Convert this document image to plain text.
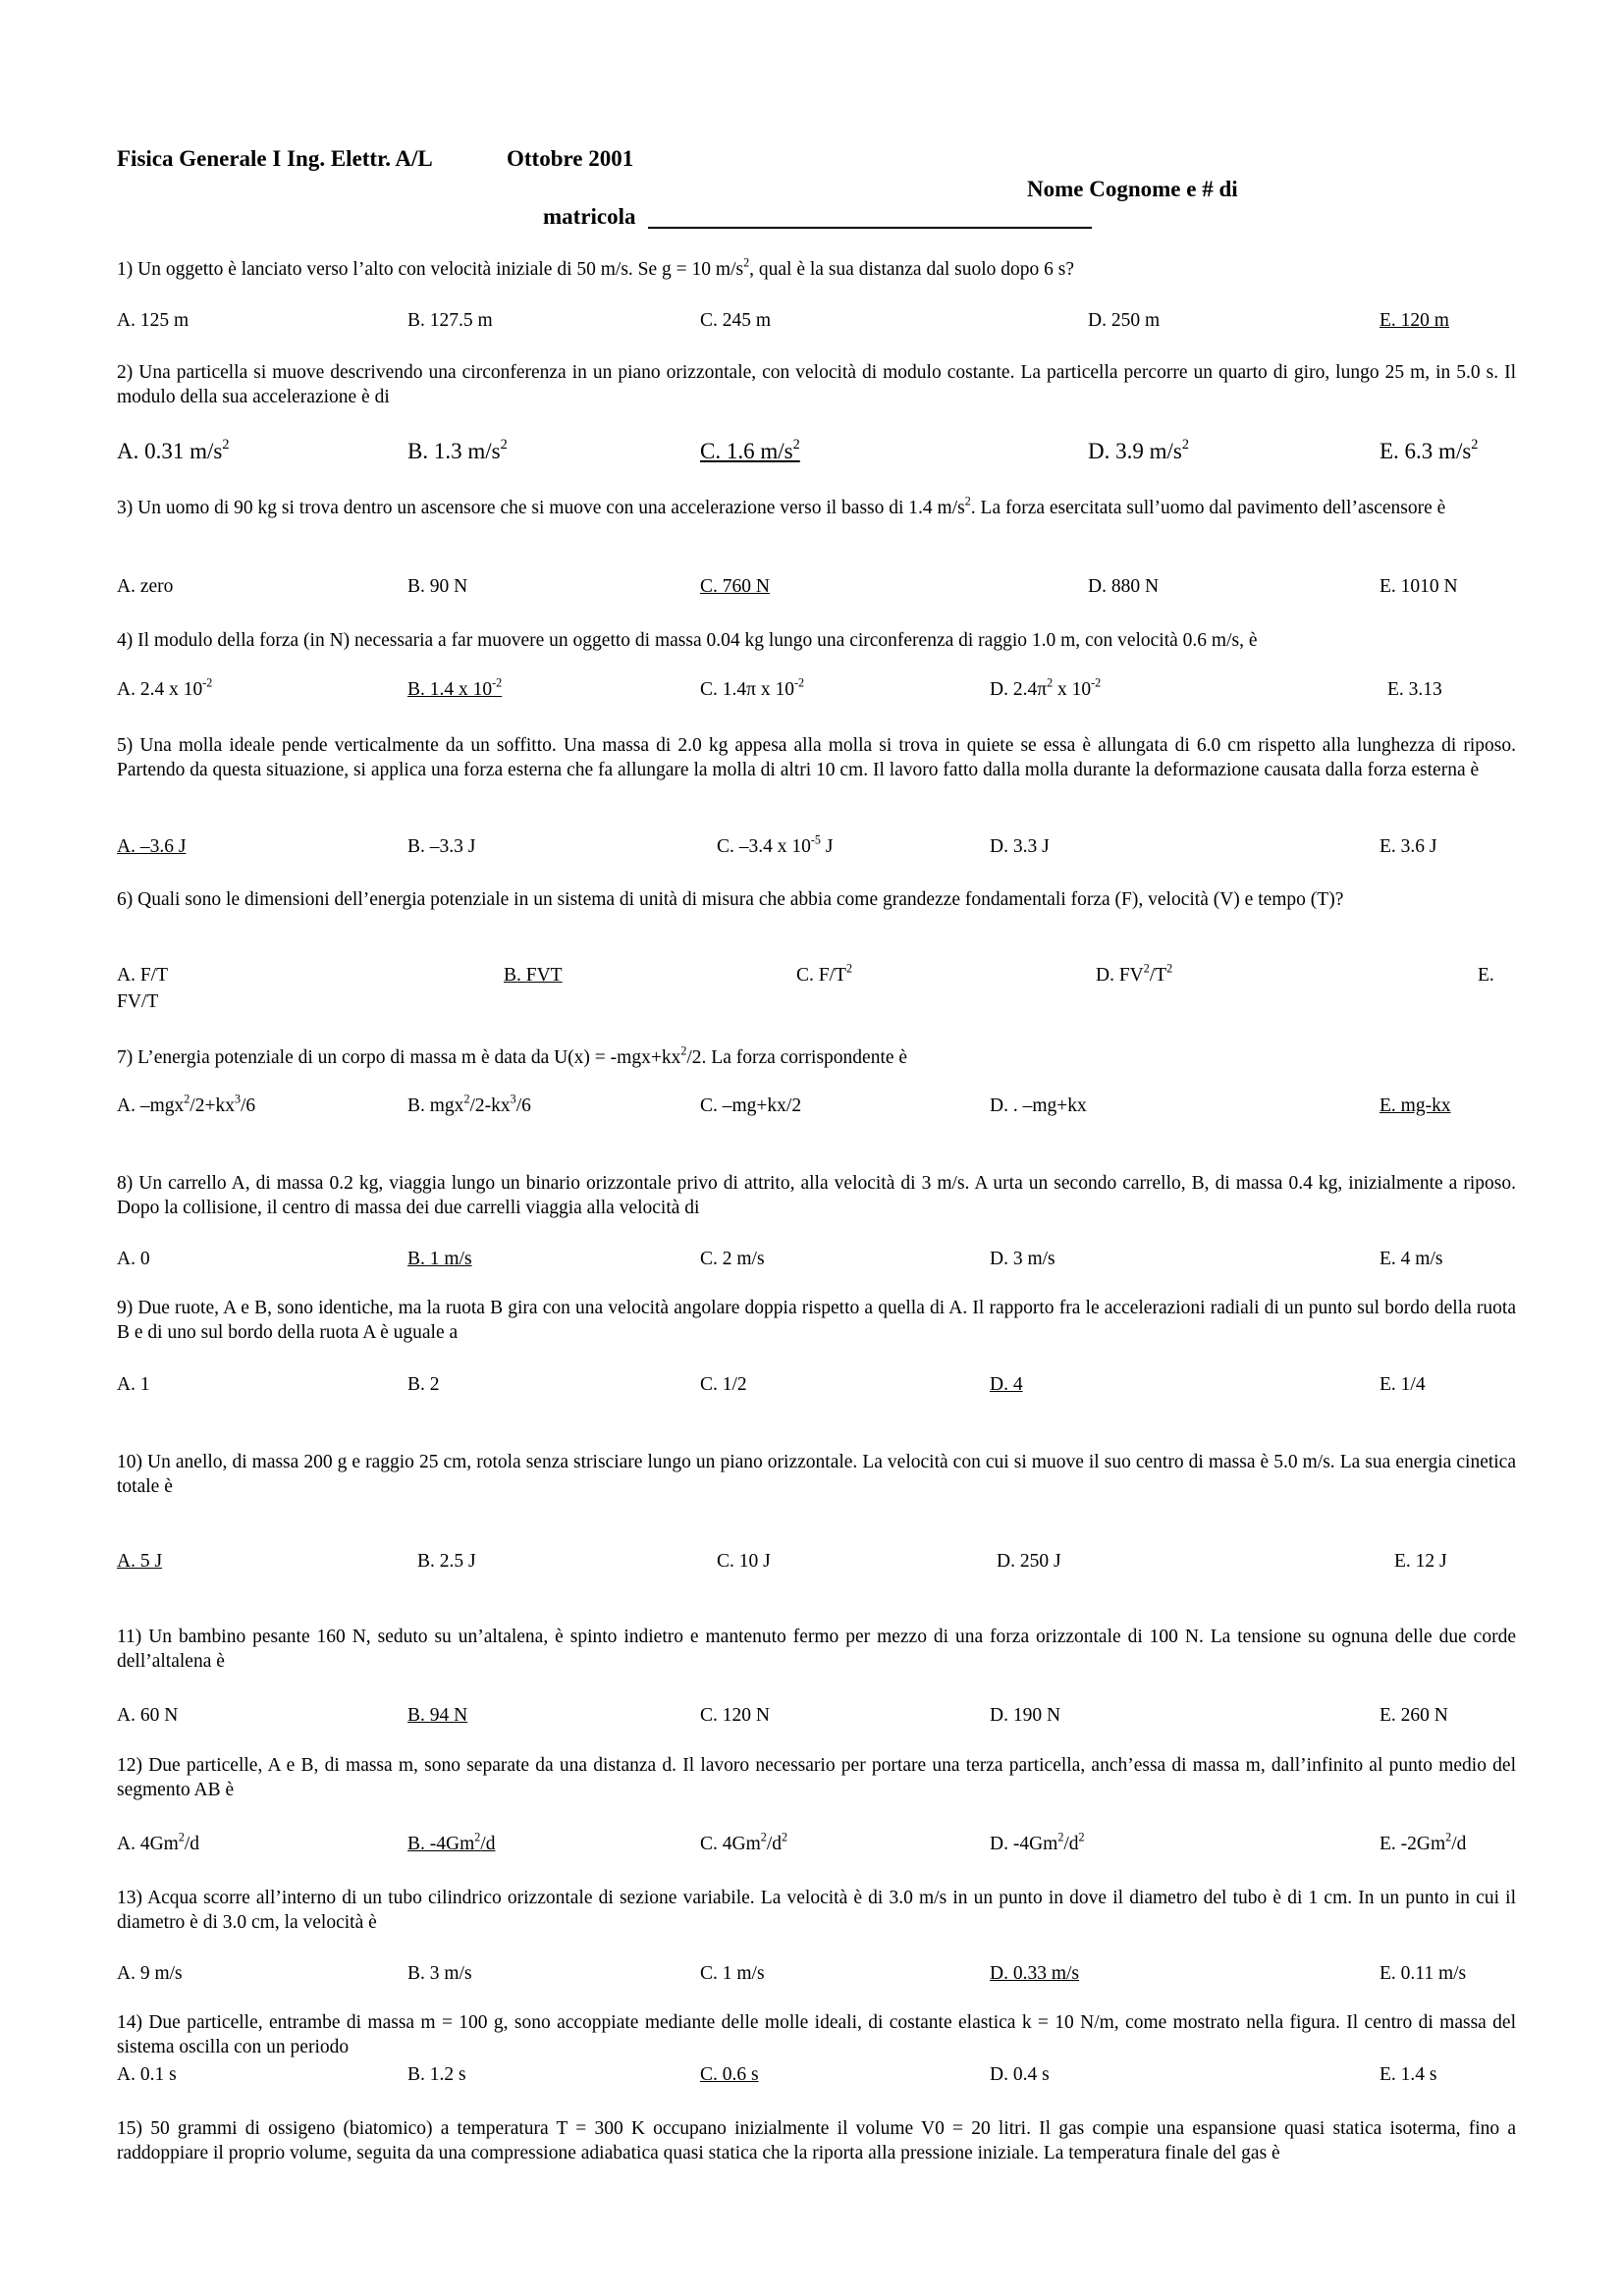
Fisica Generale I Ing. Elettr. A/L	Ottobre 2001
Nome Cognome e # di
matricola
1) Un oggetto è lanciato verso l’alto con velocità iniziale di 50 m/s. Se g = 10 $m/s^2$, qual è la sua distanza dal suolo dopo 6 s?
A. 125 m	B. 127.5 m	C. 245 m	D. 250 m	E. 120 m
2) Una particella si muove descrivendo una circonferenza in un piano orizzontale, con velocità di modulo costante. La particella percorre un quarto di giro, lungo 25 m, in 5.0 s. Il modulo della sua accelerazione è di
A. 0.31 $m/s^2$	B. 1.3 $m/s^2$	C. 1.6 $m/s^2$	D. 3.9 $m/s^2$	E. 6.3 $m/s^2$
3) Un uomo di 90 kg si trova dentro un ascensore che si muove con una accelerazione verso il basso di 1.4 $m/s^2$. La forza esercitata sull’uomo dal pavimento dell’ascensore è
A. zero	B. 90 N	C. 760 N	D. 880 N	E. 1010 N
4) Il modulo della forza (in N) necessaria a far muovere un oggetto di massa 0.04 kg lungo una circonferenza di raggio 1.0 m, con velocità 0.6 m/s, è
A. 2.4 x $10^{-2}$	B. 1.4 x $10^{-2}$	C. 1.4π x $10^{-2}$	D. $2.4\pi^2$ x $10^{-2}$	E. 3.13
5) Una molla ideale pende verticalmente da un soffitto. Una massa di 2.0 kg appesa alla molla si trova in quiete se essa è allungata di 6.0 cm rispetto alla lunghezza di riposo. Partendo da questa situazione, si applica una forza esterna che fa allungare la molla di altri 10 cm. Il lavoro fatto dalla molla durante la deformazione causata dalla forza esterna è
A. –3.6 J	B. –3.3 J	C. –3.4 x $10^{-5}$ J	D. 3.3 J	E. 3.6 J
6) Quali sono le dimensioni dell’energia potenziale in un sistema di unità di misura che abbia come grandezze fondamentali forza (F), velocità (V) e tempo (T)?
A. F/T	B. FVT	C. $F/T^2$	D. $FV^2/T^2$	E.
FV/T
7) L’energia potenziale di un corpo di massa m è data da $U(x) = -mgx+kx^2/2$. La forza corrispondente è
A. $-mgx^2/2+kx^3/6$	B. $mgx^2/2-kx^3/6$	C. –mg+kx/2	D. . –mg+kx	E. mg-kx
8) Un carrello A, di massa 0.2 kg, viaggia lungo un binario orizzontale privo di attrito, alla velocità di 3 m/s. A urta un secondo carrello, B, di massa 0.4 kg, inizialmente a riposo. Dopo la collisione, il centro di massa dei due carrelli viaggia alla velocità di
A. 0	B. 1 m/s	C. 2 m/s	D. 3 m/s	E. 4 m/s
9) Due ruote, A e B, sono identiche, ma la ruota B gira con una velocità angolare doppia rispetto a quella di A. Il rapporto fra le accelerazioni radiali di un punto sul bordo della ruota B e di uno sul bordo della ruota A è uguale a
A. 1	B. 2	C. 1/2	D. 4	E. 1/4
10) Un anello, di massa 200 g e raggio 25 cm, rotola senza strisciare lungo un piano orizzontale. La velocità con cui si muove il suo centro di massa è 5.0 m/s. La sua energia cinetica totale è
A. 5 J	B. 2.5 J	C. 10 J	D. 250 J	E. 12 J
11) Un bambino pesante 160 N, seduto su un’altalena, è spinto indietro e mantenuto fermo per mezzo di una forza orizzontale di 100 N. La tensione su ognuna delle due corde dell’altalena è
A. 60 N	B. 94 N	C. 120 N	D. 190 N	E. 260 N
12) Due particelle, A e B, di massa m, sono separate da una distanza d. Il lavoro necessario per portare una terza particella, anch’essa di massa m, dall’infinito al punto medio del segmento AB è
A. 4Gm$^2$/d	B. -4Gm$^2$/d	C. $4Gm^2/d^2$	D. $-4Gm^2/d^2$	E. -2Gm$^2$/d
13) Acqua scorre all’interno di un tubo cilindrico orizzontale di sezione variabile. La velocità è di 3.0 m/s in un punto in dove il diametro del tubo è di 1 cm. In un punto in cui il diametro è di 3.0 cm, la velocità è
A. 9 m/s	B. 3 m/s	C. 1 m/s	D. 0.33 m/s	E. 0.11 m/s
14) Due particelle, entrambe di massa m = 100 g, sono accoppiate mediante delle molle ideali, di costante elastica k = 10 N/m, come mostrato nella figura. Il centro di massa del sistema oscilla con un periodo
A. 0.1 s	B. 1.2 s	C. 0.6 s	D. 0.4 s	E. 1.4 s
15) 50 grammi di ossigeno (biatomico) a temperatura T = 300 K occupano inizialmente il volume V0 = 20 litri. Il gas compie una espansione quasi statica isoterma, fino a raddoppiare il proprio volume, seguita da una compressione adiabatica quasi statica che la riporta alla pressione iniziale. La temperatura finale del gas è
